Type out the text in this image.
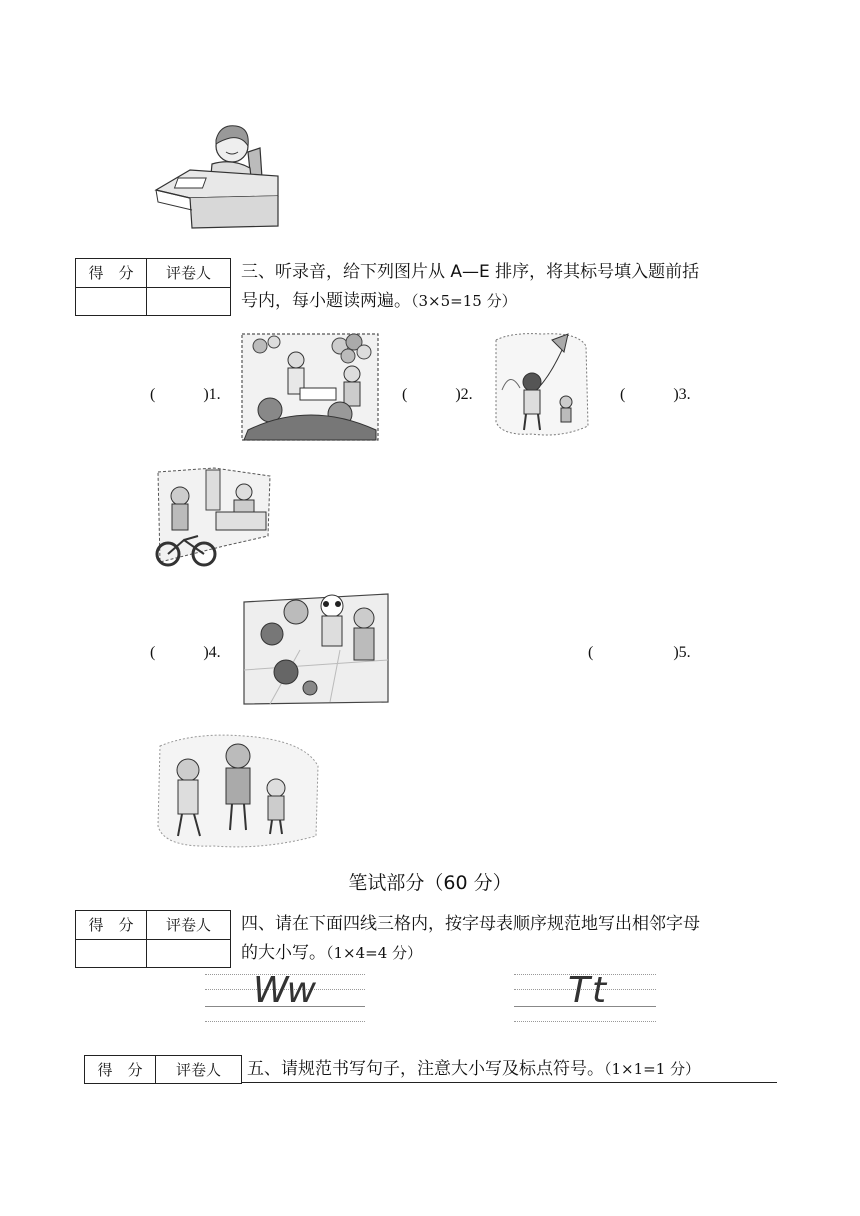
得　分	评卷人
	三、听录音，给下列图片从 A—E 排序，将其标号填入题前括
号内，每小题读两遍。（3×5=15 分）
(　　　)1.	(　　　)2.	(　　　)3.
(　　　)4.	(　　　　　)5.
笔试部分（60 分）
得　分	评卷人
	四、请在下面四线三格内，按字母表顺序规范地写出相邻字母
的大小写。（1×4=4 分）
Ww	Tt
得　分	评卷人 五、请规范书写句子，注意大小写及标点符号。（1×1=1 分）
